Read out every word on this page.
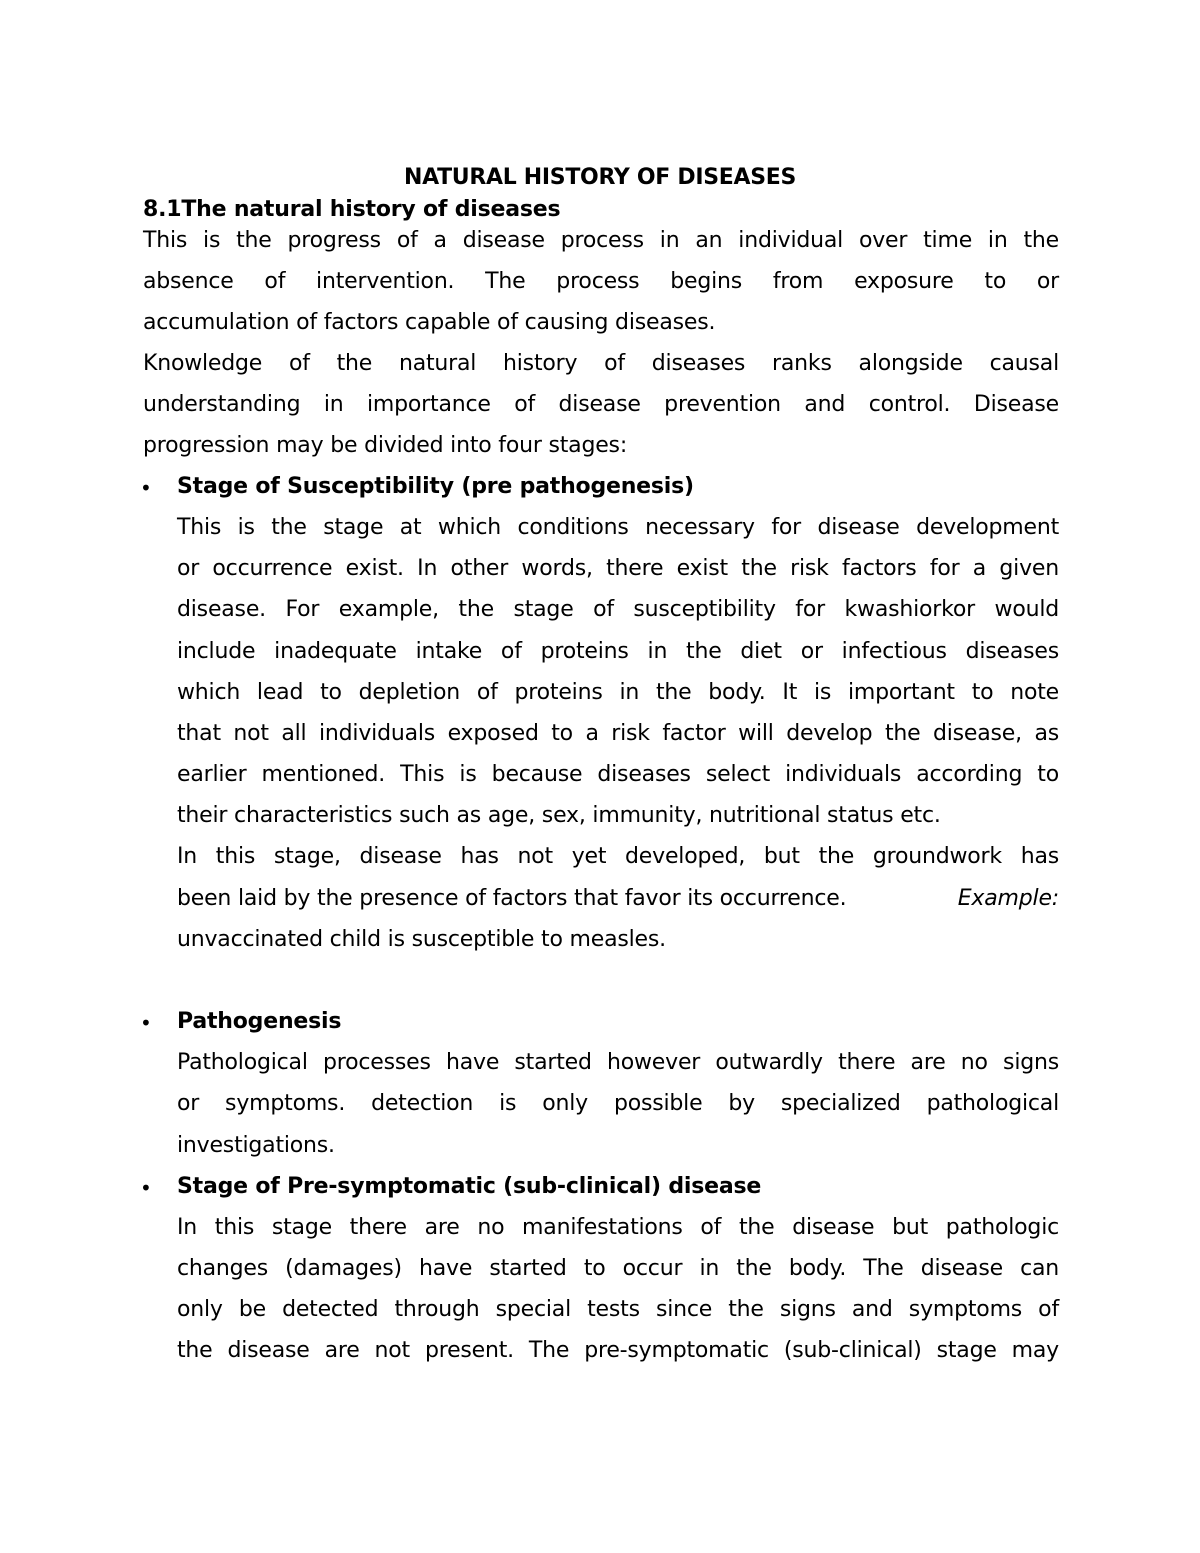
NATURAL HISTORY OF DISEASES
8.1The natural history of diseases
This is the progress of a disease process in an individual over time in the
absence of intervention. The process begins from exposure to or
accumulation of factors capable of causing diseases.
Knowledge of the natural history of diseases ranks alongside causal
understanding in importance of disease prevention and control. Disease
progression may be divided into four stages:
• Stage of Susceptibility (pre pathogenesis)
This is the stage at which conditions necessary for disease development
or occurrence exist. In other words, there exist the risk factors for a given
disease. For example, the stage of susceptibility for kwashiorkor would
include inadequate intake of proteins in the diet or infectious diseases
which lead to depletion of proteins in the body. It is important to note
that not all individuals exposed to a risk factor will develop the disease, as
earlier mentioned. This is because diseases select individuals according to
their characteristics such as age, sex, immunity, nutritional status etc.
In this stage, disease has not yet developed, but the groundwork has
been laid by the presence of factors that favor its occurrence.	Example:
unvaccinated child is susceptible to measles.
• Pathogenesis
Pathological processes have started however outwardly there are no signs
or symptoms. detection is only possible by specialized pathological
investigations.
• Stage of Pre-symptomatic (sub-clinical) disease
In this stage there are no manifestations of the disease but pathologic
changes (damages) have started to occur in the body. The disease can
only be detected through special tests since the signs and symptoms of
the disease are not present. The pre-symptomatic (sub-clinical) stage may
